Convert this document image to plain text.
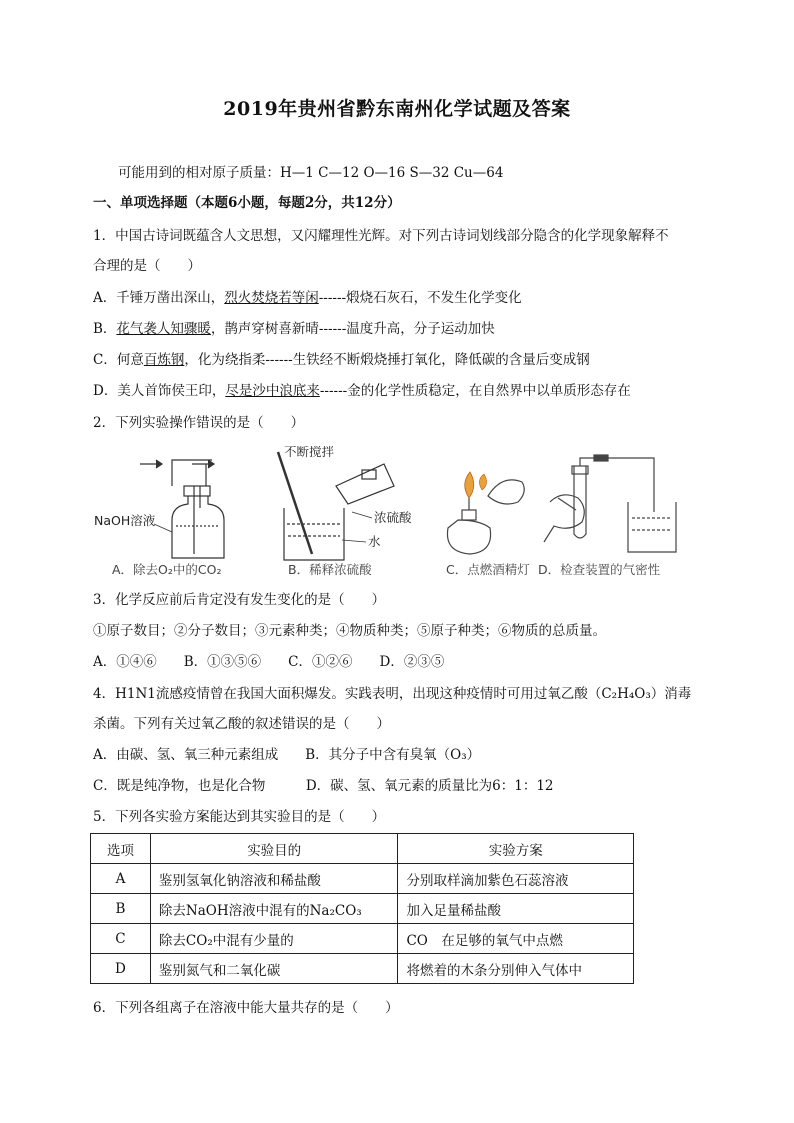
2019年贵州省黔东南州化学试题及答案
可能用到的相对原子质量：H—1 C—12 O—16 S—32 Cu—64
一、单项选择题（本题6小题，每题2分，共12分）
1．中国古诗词既蕴含人文思想，又闪耀理性光辉。对下列古诗词划线部分隐含的化学现象解释不
合理的是（　　）
A．千锤万凿出深山，烈火焚烧若等闲------煅烧石灰石，不发生化学变化
B．花气袭人知骤暖，鹊声穿树喜新晴------温度升高，分子运动加快
C．何意百炼钢，化为绕指柔------生铁经不断煅烧捶打氧化，降低碳的含量后变成钢
D．美人首饰侯王印，尽是沙中浪底来------金的化学性质稳定，在自然界中以单质形态存在
2．下列实验操作错误的是（　　）
NaOH溶液
A．除去O₂中的CO₂
不断搅拌
浓硫酸
水
B．稀释浓硫酸	C．点燃酒精灯 D．检查装置的气密性
3．化学反应前后肯定没有发生变化的是（　　）
①原子数目；②分子数目；③元素种类；④物质种类；⑤原子种类；⑥物质的总质量。
A．①④⑥　　B．①③⑤⑥　　C．①②⑥　　D．②③⑤
4．H1N1流感疫情曾在我国大面积爆发。实践表明，出现这种疫情时可用过氧乙酸（C₂H₄O₃）消毒
杀菌。下列有关过氧乙酸的叙述错误的是（　　）
A．由碳、氢、氧三种元素组成　　B．其分子中含有臭氧（O₃）
C．既是纯净物，也是化合物　　　D．碳、氢、氧元素的质量比为6：1：12
5．下列各实验方案能达到其实验目的是（　　）
选项	实验目的	实验方案
A	鉴别氢氧化钠溶液和稀盐酸	分别取样滴加紫色石蕊溶液
B	除去NaOH溶液中混有的Na₂CO₃	加入足量稀盐酸
C	除去CO₂中混有少量的	CO　在足够的氧气中点燃
D	鉴别氮气和二氧化碳	将燃着的木条分别伸入气体中
6．下列各组离子在溶液中能大量共存的是（　　）
